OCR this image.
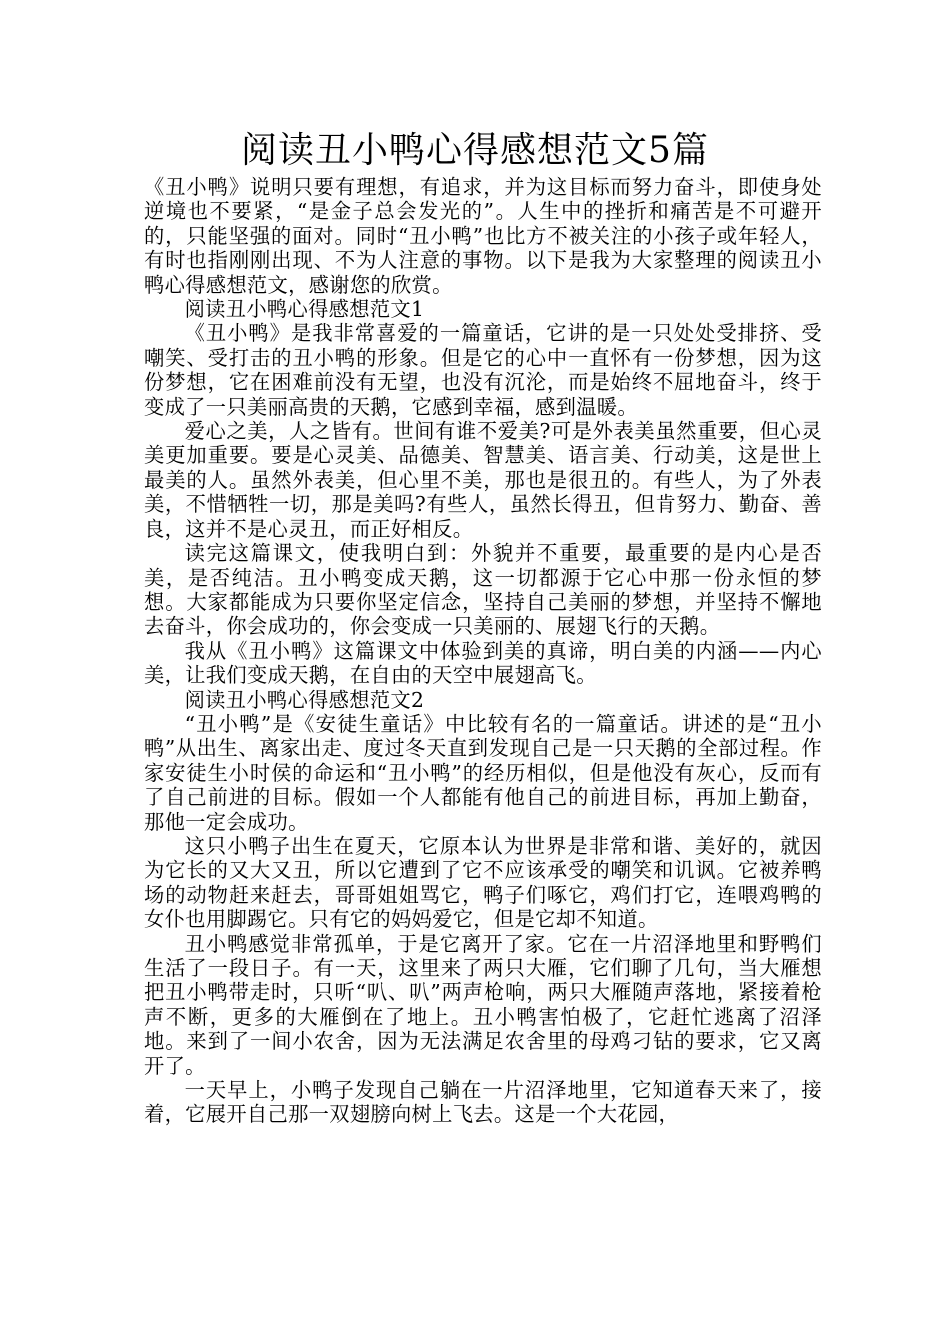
阅读丑小鸭心得感想范文5篇

《丑小鸭》说明只要有理想，有追求，并为这目标而努力奋斗，即使身处逆境也不要紧，“是金子总会发光的”。人生中的挫折和痛苦是不可避开的，只能坚强的面对。同时“丑小鸭”也比方不被关注的小孩子或年轻人，有时也指刚刚出现、不为人注意的事物。以下是我为大家整理的阅读丑小鸭心得感想范文，感谢您的欣赏。

阅读丑小鸭心得感想范文1

《丑小鸭》是我非常喜爱的一篇童话，它讲的是一只处处受排挤、受嘲笑、受打击的丑小鸭的形象。但是它的心中一直怀有一份梦想，因为这份梦想，它在困难前没有无望，也没有沉沦，而是始终不屈地奋斗，终于变成了一只美丽高贵的天鹅，它感到幸福，感到温暖。

爱心之美，人之皆有。世间有谁不爱美?可是外表美虽然重要，但心灵美更加重要。要是心灵美、品德美、智慧美、语言美、行动美，这是世上最美的人。虽然外表美，但心里不美，那也是很丑的。有些人，为了外表美，不惜牺牲一切，那是美吗?有些人，虽然长得丑，但肯努力、勤奋、善良，这并不是心灵丑，而正好相反。

读完这篇课文，使我明白到：外貌并不重要，最重要的是内心是否美，是否纯洁。丑小鸭变成天鹅，这一切都源于它心中那一份永恒的梦想。大家都能成为只要你坚定信念，坚持自己美丽的梦想，并坚持不懈地去奋斗，你会成功的，你会变成一只美丽的、展翅飞行的天鹅。

我从《丑小鸭》这篇课文中体验到美的真谛，明白美的内涵——内心美，让我们变成天鹅，在自由的天空中展翅高飞。

阅读丑小鸭心得感想范文2

“丑小鸭”是《安徒生童话》中比较有名的一篇童话。讲述的是“丑小鸭”从出生、离家出走、度过冬天直到发现自己是一只天鹅的全部过程。作家安徒生小时侯的命运和“丑小鸭”的经历相似，但是他没有灰心，反而有了自己前进的目标。假如一个人都能有他自己的前进目标，再加上勤奋，那他一定会成功。

这只小鸭子出生在夏天，它原本认为世界是非常和谐、美好的，就因为它长的又大又丑，所以它遭到了它不应该承受的嘲笑和讥讽。它被养鸭场的动物赶来赶去，哥哥姐姐骂它，鸭子们啄它，鸡们打它，连喂鸡鸭的女仆也用脚踢它。只有它的妈妈爱它，但是它却不知道。

丑小鸭感觉非常孤单，于是它离开了家。它在一片沼泽地里和野鸭们生活了一段日子。有一天，这里来了两只大雁，它们聊了几句，当大雁想把丑小鸭带走时，只听“叭、叭”两声枪响，两只大雁随声落地，紧接着枪声不断，更多的大雁倒在了地上。丑小鸭害怕极了，它赶忙逃离了沼泽地。来到了一间小农舍，因为无法满足农舍里的母鸡刁钻的要求，它又离开了。

一天早上，小鸭子发现自己躺在一片沼泽地里，它知道春天来了，接着，它展开自己那一双翅膀向树上飞去。这是一个大花园，
